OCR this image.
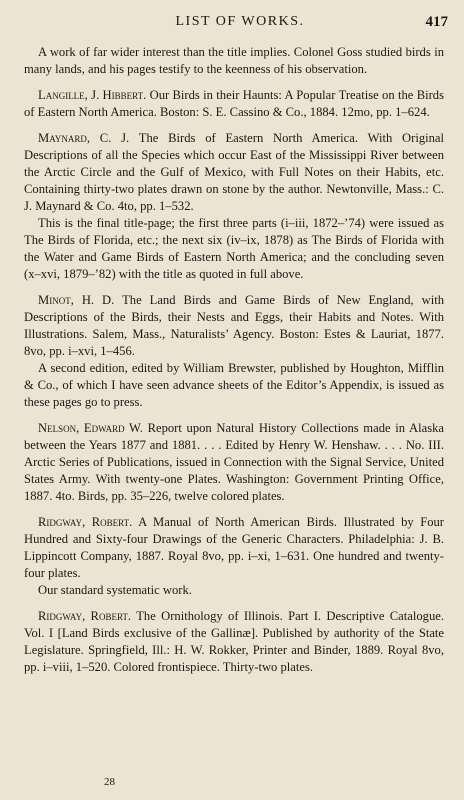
LIST OF WORKS.	417

A work of far wider interest than the title implies. Colonel Goss studied birds in many lands, and his pages testify to the keenness of his observation.

Langille, J. Hibbert. Our Birds in their Haunts: A Popular Treatise on the Birds of Eastern North America. Boston: S. E. Cassino & Co., 1884. 12mo, pp. 1–624.

Maynard, C. J. The Birds of Eastern North America. With Original Descriptions of all the Species which occur East of the Mississippi River between the Arctic Circle and the Gulf of Mexico, with Full Notes on their Habits, etc. Containing thirty-two plates drawn on stone by the author. Newtonville, Mass.: C. J. Maynard & Co. 4to, pp. 1–532.

This is the final title-page; the first three parts (i–iii, 1872–’74) were issued as The Birds of Florida, etc.; the next six (iv–ix, 1878) as The Birds of Florida with the Water and Game Birds of Eastern North America; and the concluding seven (x–xvi, 1879–’82) with the title as quoted in full above.

Minot, H. D. The Land Birds and Game Birds of New England, with Descriptions of the Birds, their Nests and Eggs, their Habits and Notes. With Illustrations. Salem, Mass., Naturalists’ Agency. Boston: Estes & Lauriat, 1877. 8vo, pp. i–xvi, 1–456.

A second edition, edited by William Brewster, published by Houghton, Mifflin & Co., of which I have seen advance sheets of the Editor’s Appendix, is issued as these pages go to press.

Nelson, Edward W. Report upon Natural History Collections made in Alaska between the Years 1877 and 1881. . . . Edited by Henry W. Henshaw. . . . No. III. Arctic Series of Publications, issued in Connection with the Signal Service, United States Army. With twenty-one Plates. Washington: Government Printing Office, 1887. 4to. Birds, pp. 35–226, twelve colored plates.

Ridgway, Robert. A Manual of North American Birds. Illustrated by Four Hundred and Sixty-four Drawings of the Generic Characters. Philadelphia: J. B. Lippincott Company, 1887. Royal 8vo, pp. i–xi, 1–631. One hundred and twenty-four plates.

Our standard systematic work.

Ridgway, Robert. The Ornithology of Illinois. Part I. Descriptive Catalogue. Vol. I [Land Birds exclusive of the Gallinæ]. Published by authority of the State Legislature. Springfield, Ill.: H. W. Rokker, Printer and Binder, 1889. Royal 8vo, pp. i–viii, 1–520. Colored frontispiece. Thirty-two plates.

28
